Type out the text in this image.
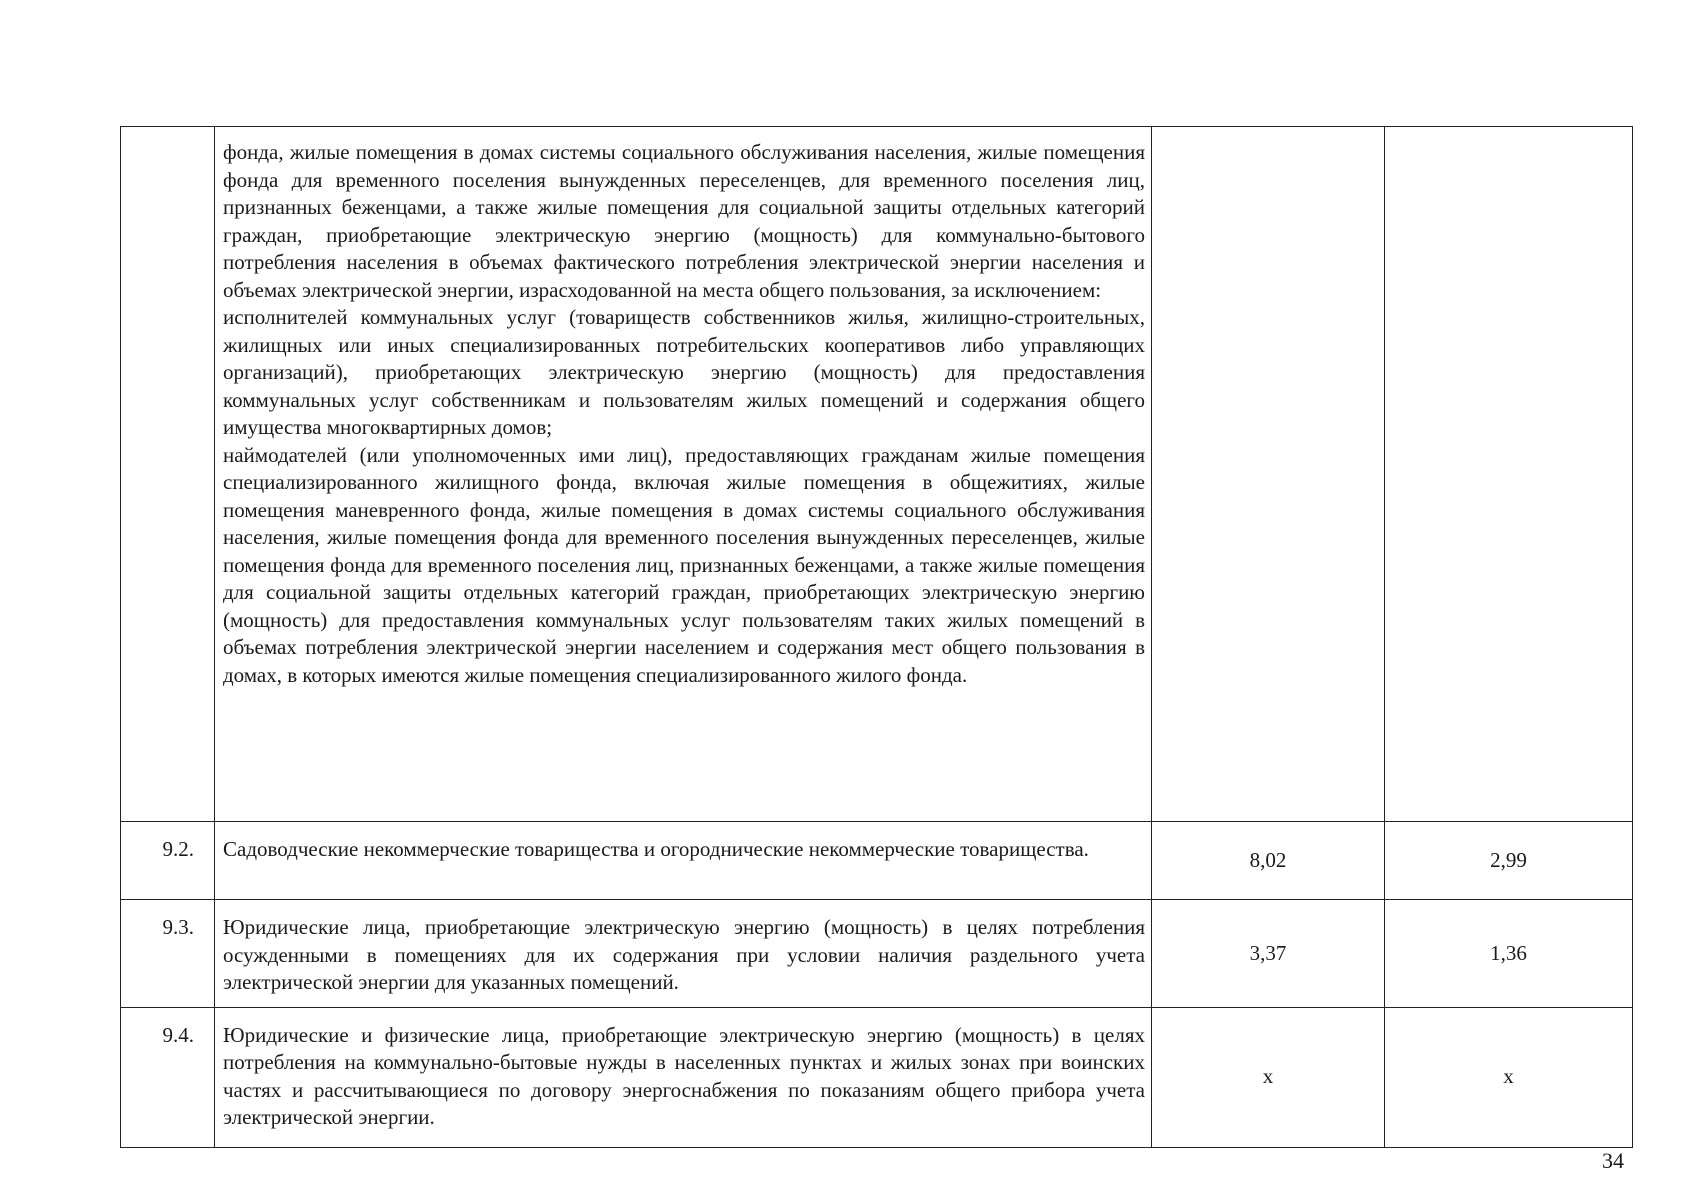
	фонда, жилые помещения в домах системы социального обслуживания населения, жилые помещения фонда для временного поселения вынужденных переселенцев, для временного поселения лиц, признанных беженцами, а также жилые помещения для социальной защиты отдельных категорий граждан, приобретающие электрическую энергию (мощность) для коммунально-бытового потребления населения в объемах фактического потребления электрической энергии населения и объемах электрической энергии, израсходованной на места общего пользования, за исключением:

исполнителей коммунальных услуг (товариществ собственников жилья, жилищно-строительных, жилищных или иных специализированных потребительских кооперативов либо управляющих организаций), приобретающих электрическую энергию (мощность) для предоставления коммунальных услуг собственникам и пользователям жилых помещений и содержания общего имущества многоквартирных домов;

наймодателей (или уполномоченных ими лиц), предоставляющих гражданам жилые помещения специализированного жилищного фонда, включая жилые помещения в общежитиях, жилые помещения маневренного фонда, жилые помещения в домах системы социального обслуживания населения, жилые помещения фонда для временного поселения вынужденных переселенцев, жилые помещения фонда для временного поселения лиц, признанных беженцами, а также жилые помещения для социальной защиты отдельных категорий граждан, приобретающих электрическую энергию (мощность) для предоставления коммунальных услуг пользователям таких жилых помещений в объемах потребления электрической энергии населением и содержания мест общего пользования в домах, в которых имеются жилые помещения специализированного жилого фонда.		

9.2.	Садоводческие некоммерческие товарищества и огороднические некоммерческие товарищества.	8,02	2,99
9.3.	Юридические лица, приобретающие электрическую энергию (мощность) в целях потребления осужденными в помещениях для их содержания при условии наличия раздельного учета электрической энергии для указанных помещений.	3,37	1,36
9.4.	Юридические и физические лица, приобретающие электрическую энергию (мощность) в целях потребления на коммунально-бытовые нужды в населенных пунктах и жилых зонах при воинских частях и рассчитывающиеся по договору энергоснабжения по показаниям общего прибора учета электрической энергии.	х	х
34
